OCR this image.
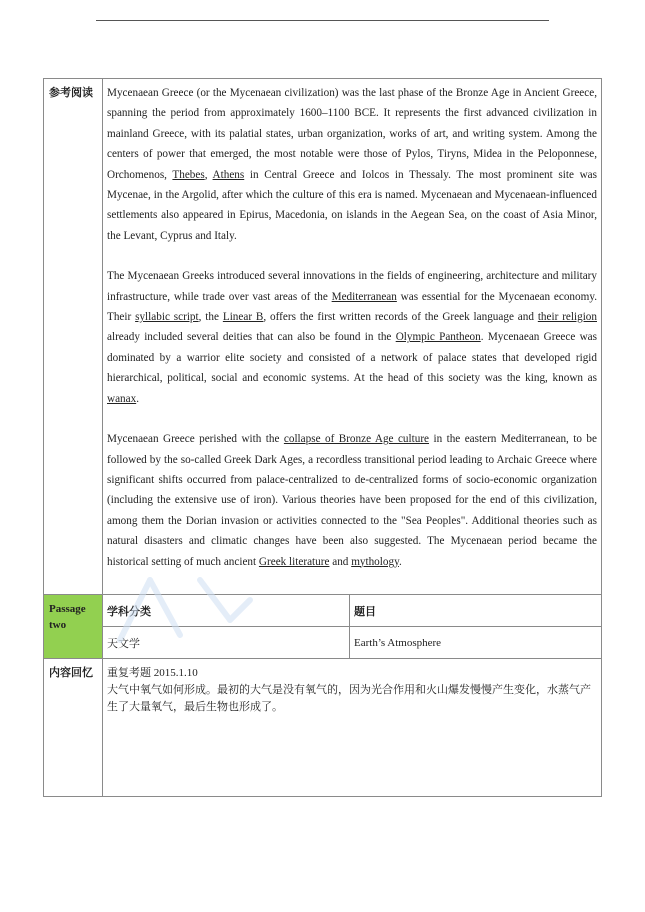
参考阅读	Mycenaean Greece (or the Mycenaean civilization) was the last phase of the Bronze Age in Ancient Greece, spanning the period from approximately 1600–1100 BCE. It represents the first advanced civilization in mainland Greece, with its palatial states, urban organization, works of art, and writing system. Among the centers of power that emerged, the most notable were those of Pylos, Tiryns, Midea in the Peloponnese, Orchomenos, Thebes, Athens in Central Greece and Iolcos in Thessaly. The most prominent site was Mycenae, in the Argolid, after which the culture of this era is named. Mycenaean and Mycenaean-influenced settlements also appeared in Epirus, Macedonia, on islands in the Aegean Sea, on the coast of Asia Minor, the Levant, Cyprus and Italy.

The Mycenaean Greeks introduced several innovations in the fields of engineering, architecture and military infrastructure, while trade over vast areas of the Mediterranean was essential for the Mycenaean economy. Their syllabic script, the Linear B, offers the first written records of the Greek language and their religion already included several deities that can also be found in the Olympic Pantheon. Mycenaean Greece was dominated by a warrior elite society and consisted of a network of palace states that developed rigid hierarchical, political, social and economic systems. At the head of this society was the king, known as wanax.

Mycenaean Greece perished with the collapse of Bronze Age culture in the eastern Mediterranean, to be followed by the so-called Greek Dark Ages, a recordless transitional period leading to Archaic Greece where significant shifts occurred from palace-centralized to de-centralized forms of socio-economic organization (including the extensive use of iron). Various theories have been proposed for the end of this civilization, among them the Dorian invasion or activities connected to the "Sea Peoples". Additional theories such as natural disasters and climatic changes have been also suggested. The Mycenaean period became the historical setting of much ancient Greek literature and mythology.

Passage two
学科分类	题目
天文学	Earth’s Atmosphere
内容回忆	重复考题 2015.1.10

大气中氧气如何形成。最初的大气是没有氧气的，因为光合作用和火山爆发慢慢产生变化，水蒸气产生了大量氧气，最后生物也形成了。
